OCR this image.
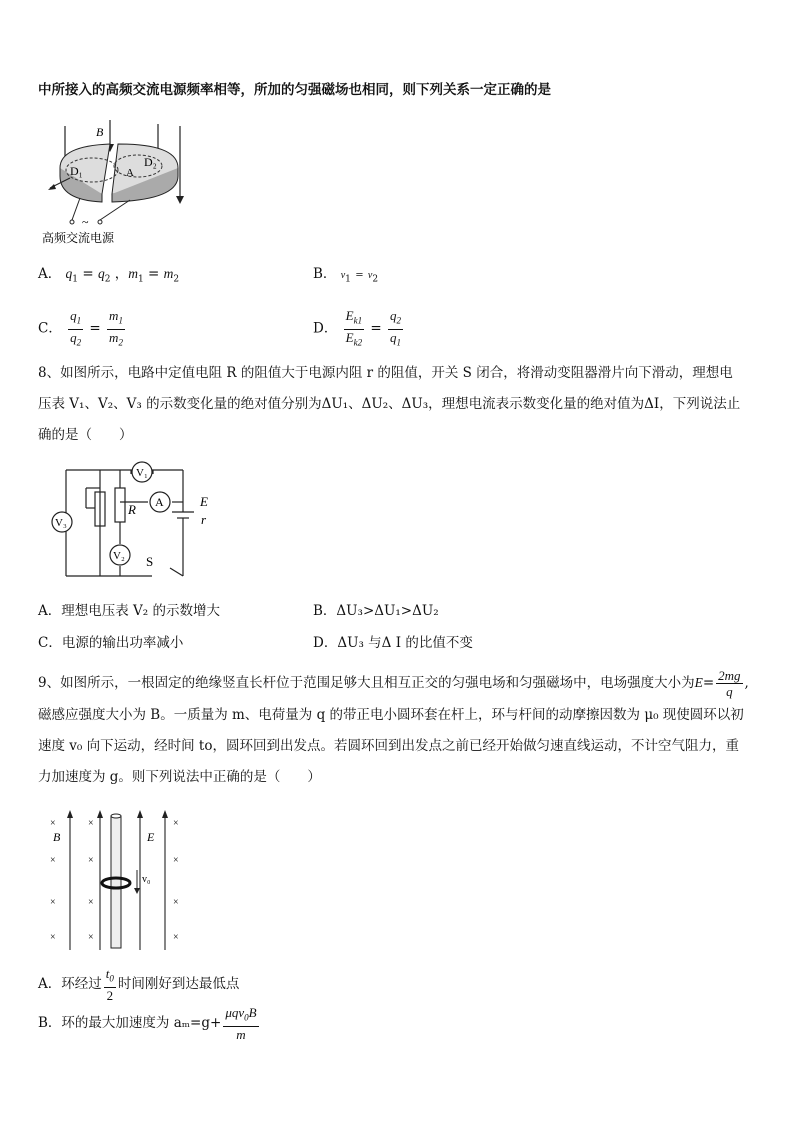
中所接入的高频交流电源频率相等，所加的匀强磁场也相同，则下列关系一定正确的是
B
D₁
D₂
A
~
高频交流电源
A． $q_1 = q_2$ ，$m_1 = m_2$	B． $v_1 = v_2$
C． $\frac{q_1}{q_2} = \frac{m_1}{m_2}$	D． $\frac{E_{k1}}{E_{k2}} = \frac{q_2}{q_1}$
8、如图所示，电路中定值电阻 R 的阻值大于电源内阻 r 的阻值，开关 S 闭合，将滑动变阻器滑片向下滑动，理想电
压表 V₁、V₂、V₃ 的示数变化量的绝对值分别为ΔU₁、ΔU₂、ΔU₃，理想电流表示数变化量的绝对值为ΔI，下列说法止
确的是（　　）
V₁
A
V₃
V₂
R
E
r
S
A．理想电压表 V₂ 的示数增大	B．ΔU₃>ΔU₁>ΔU₂
C．电源的输出功率减小	D．ΔU₃ 与Δ I 的比值不变
9、如图所示，一根固定的绝缘竖直长杆位于范围足够大且相互正交的匀强电场和匀强磁场中，电场强度大小为$E= \frac{2mg}{q}$ ,
磁感应强度大小为 B。一质量为 m、电荷量为 q 的带正电小圆环套在杆上，环与杆间的动摩擦因数为 μ₀ 现使圆环以初
速度 v₀ 向下运动，经时间 to，圆环回到出发点。若圆环回到出发点之前已经开始做匀速直线运动，不计空气阻力，重
力加速度为 g。则下列说法中正确的是（　　）
v₀
B	E
×	×	×
×	×	×
×	×	×
×	×	×
A．环经过 $\frac{t_0}{2}$ 时间刚好到达最低点
B．环的最大加速度为 $a_m=g+ \frac{\mu qv_0B}{m}$
